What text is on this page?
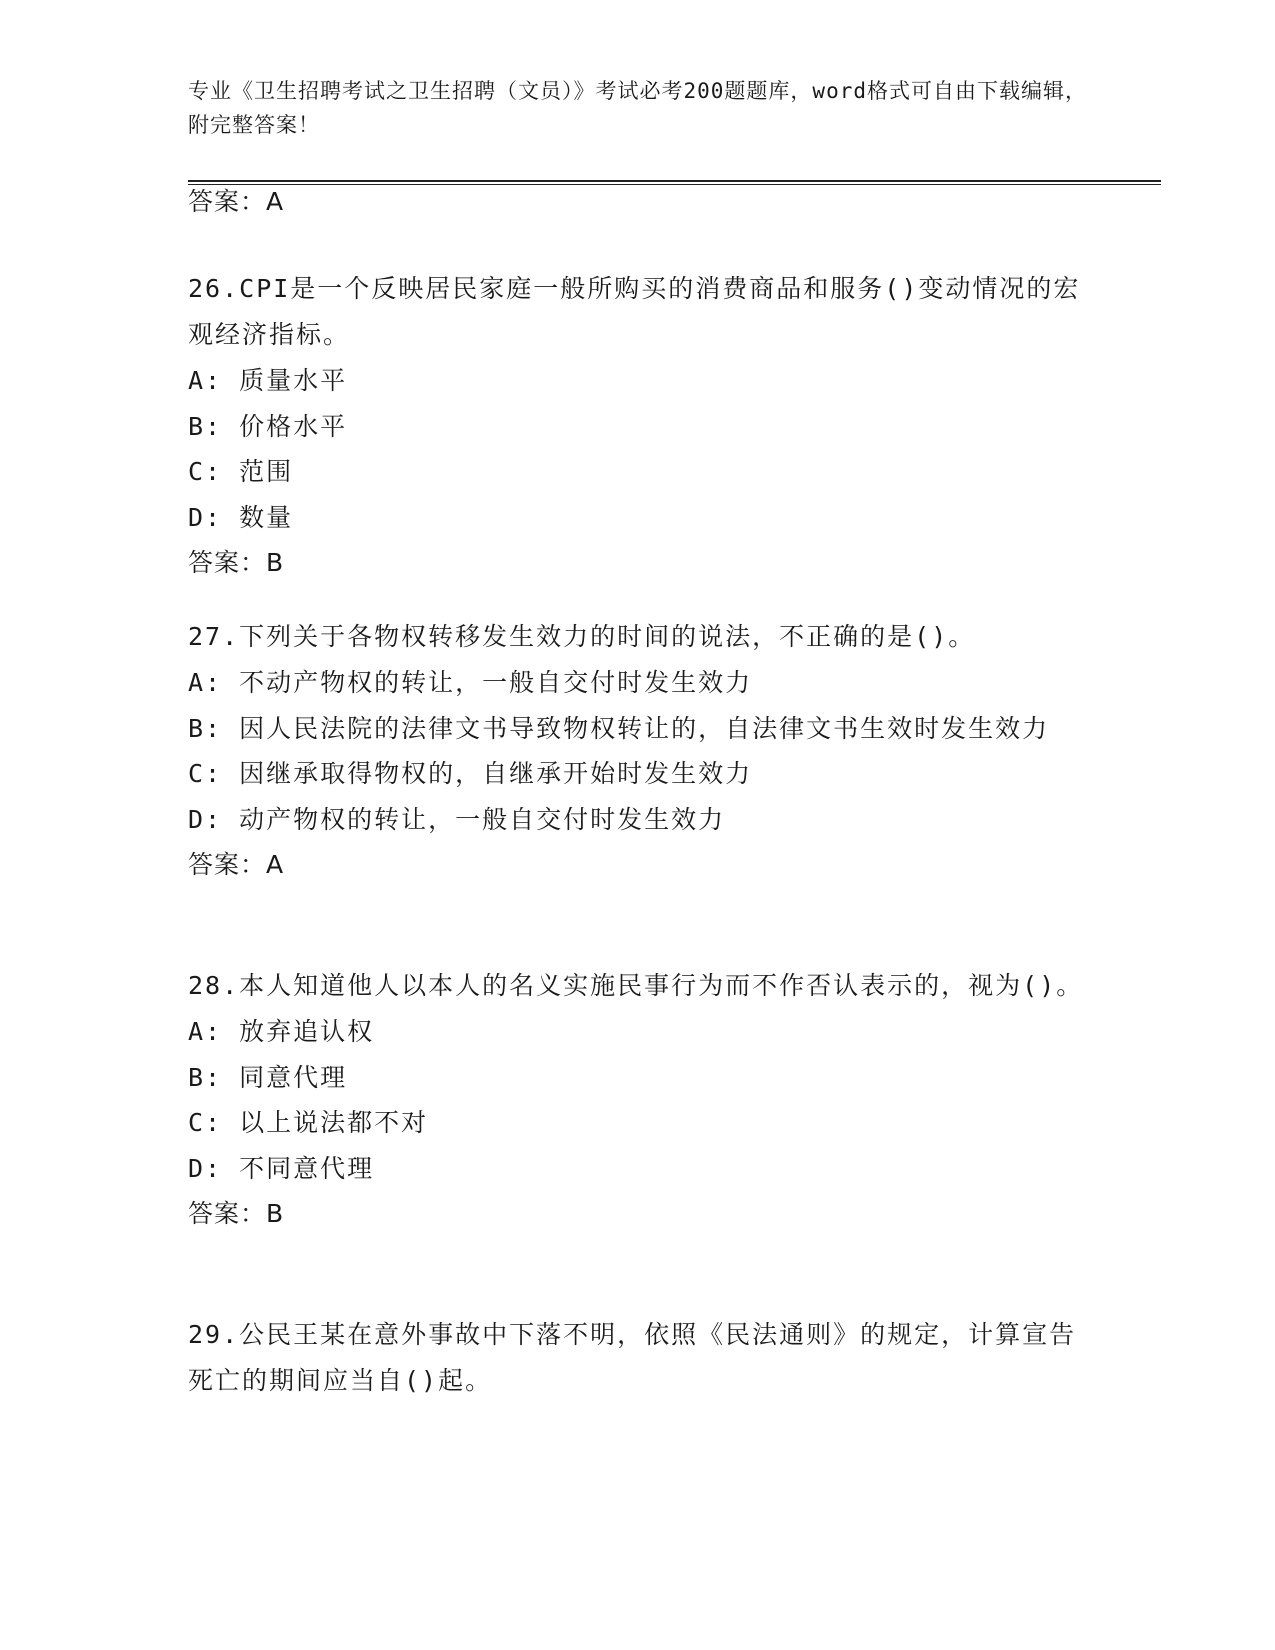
专业《卫生招聘考试之卫生招聘（文员）》考试必考200题题库，word格式可自由下载编辑，附完整答案！
答案：A
26.CPI是一个反映居民家庭一般所购买的消费商品和服务()变动情况的宏观经济指标。
A: 质量水平
B: 价格水平
C: 范围
D: 数量
答案：B
27.下列关于各物权转移发生效力的时间的说法，不正确的是()。
A: 不动产物权的转让，一般自交付时发生效力
B: 因人民法院的法律文书导致物权转让的，自法律文书生效时发生效力
C: 因继承取得物权的，自继承开始时发生效力
D: 动产物权的转让，一般自交付时发生效力
答案：A
28.本人知道他人以本人的名义实施民事行为而不作否认表示的，视为()。
A: 放弃追认权
B: 同意代理
C: 以上说法都不对
D: 不同意代理
答案：B
29.公民王某在意外事故中下落不明，依照《民法通则》的规定，计算宣告死亡的期间应当自()起。
